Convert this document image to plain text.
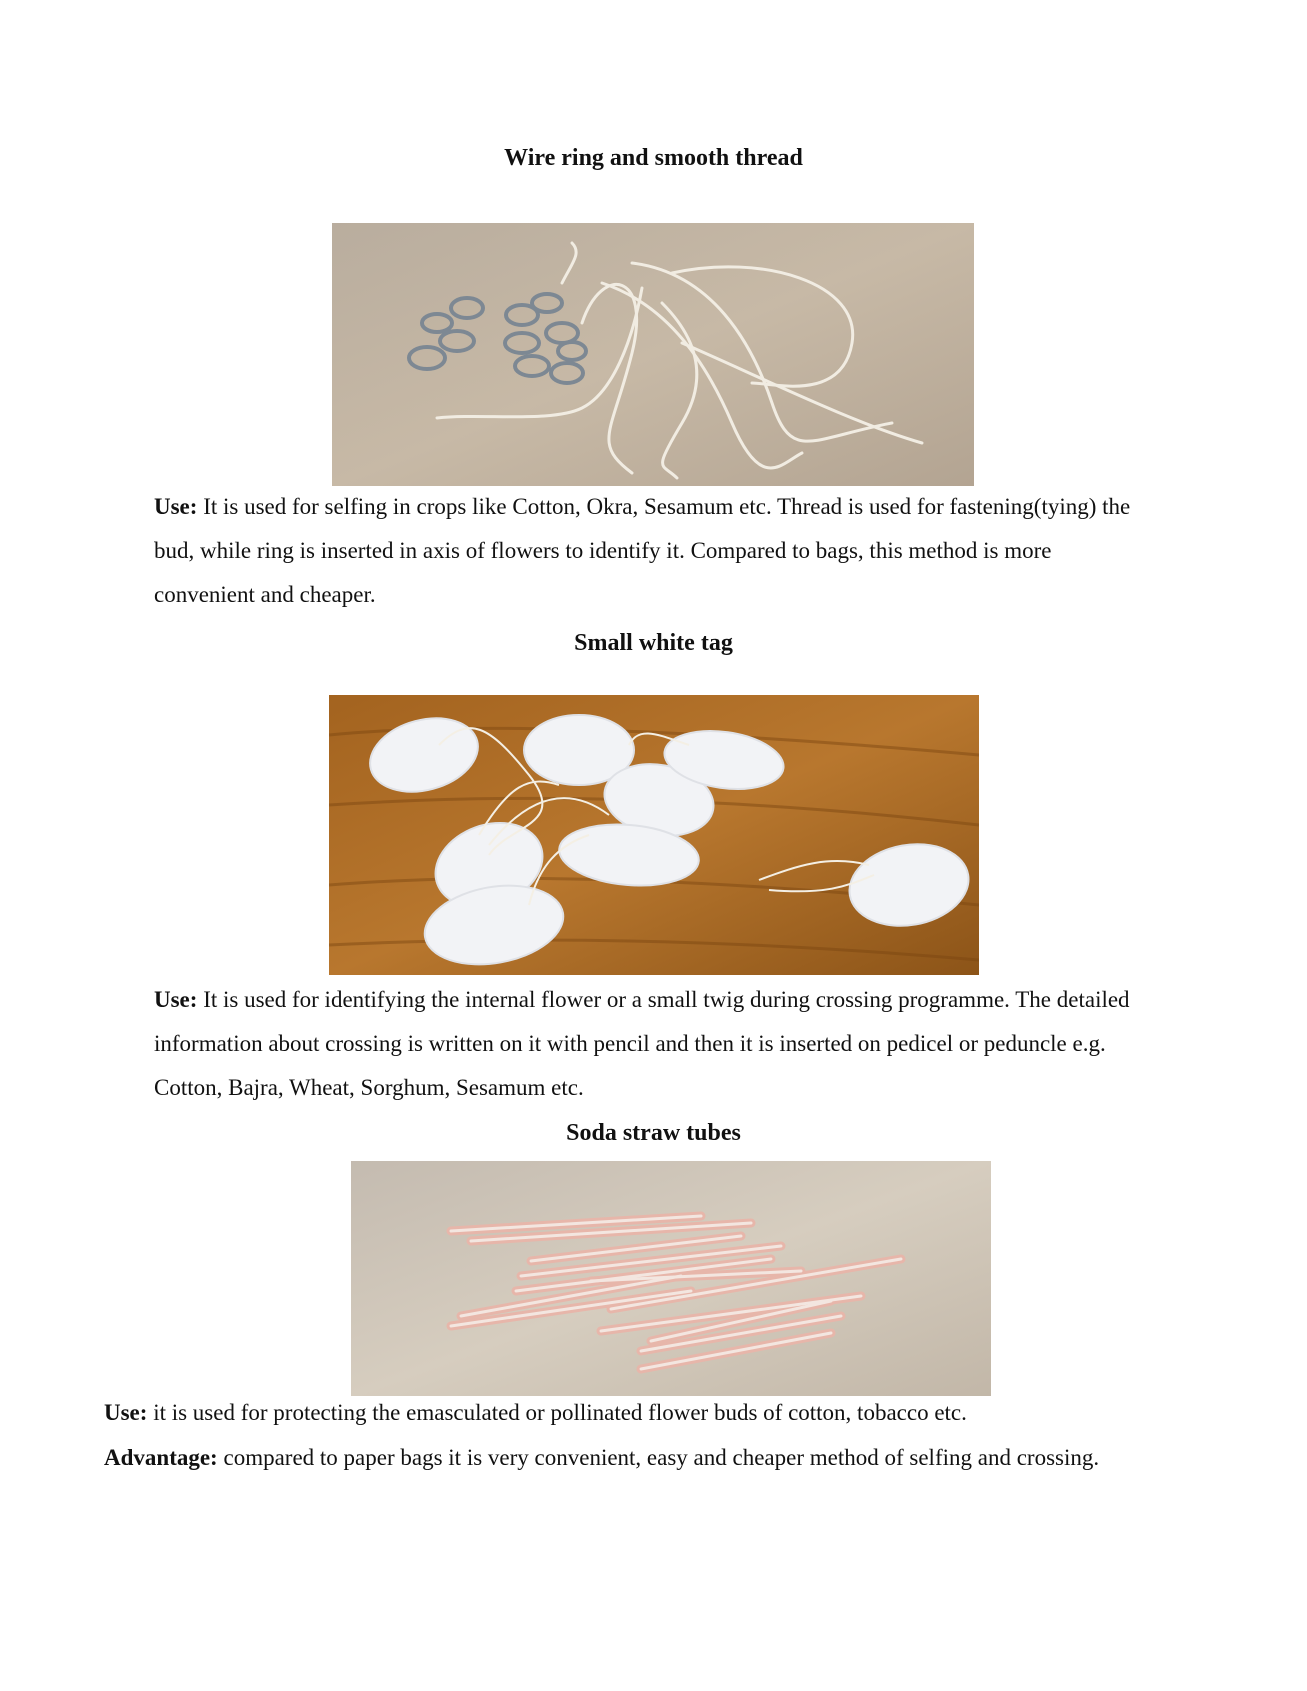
Wire ring and smooth thread

Use: It is used for selfing in crops like Cotton, Okra, Sesamum etc. Thread is used for fastening(tying) the bud, while ring is inserted in axis of flowers to identify it. Compared to bags, this method is more convenient and cheaper.

Small white tag

Use: It is used for identifying the internal flower or a small twig during crossing programme. The detailed information about crossing is written on it with pencil and then it is inserted on pedicel or peduncle e.g. Cotton, Bajra, Wheat, Sorghum, Sesamum etc.

Soda straw tubes

Use: it is used for protecting the emasculated or pollinated flower buds of cotton, tobacco etc.

Advantage: compared to paper bags it is very convenient, easy and cheaper method of selfing and crossing.
